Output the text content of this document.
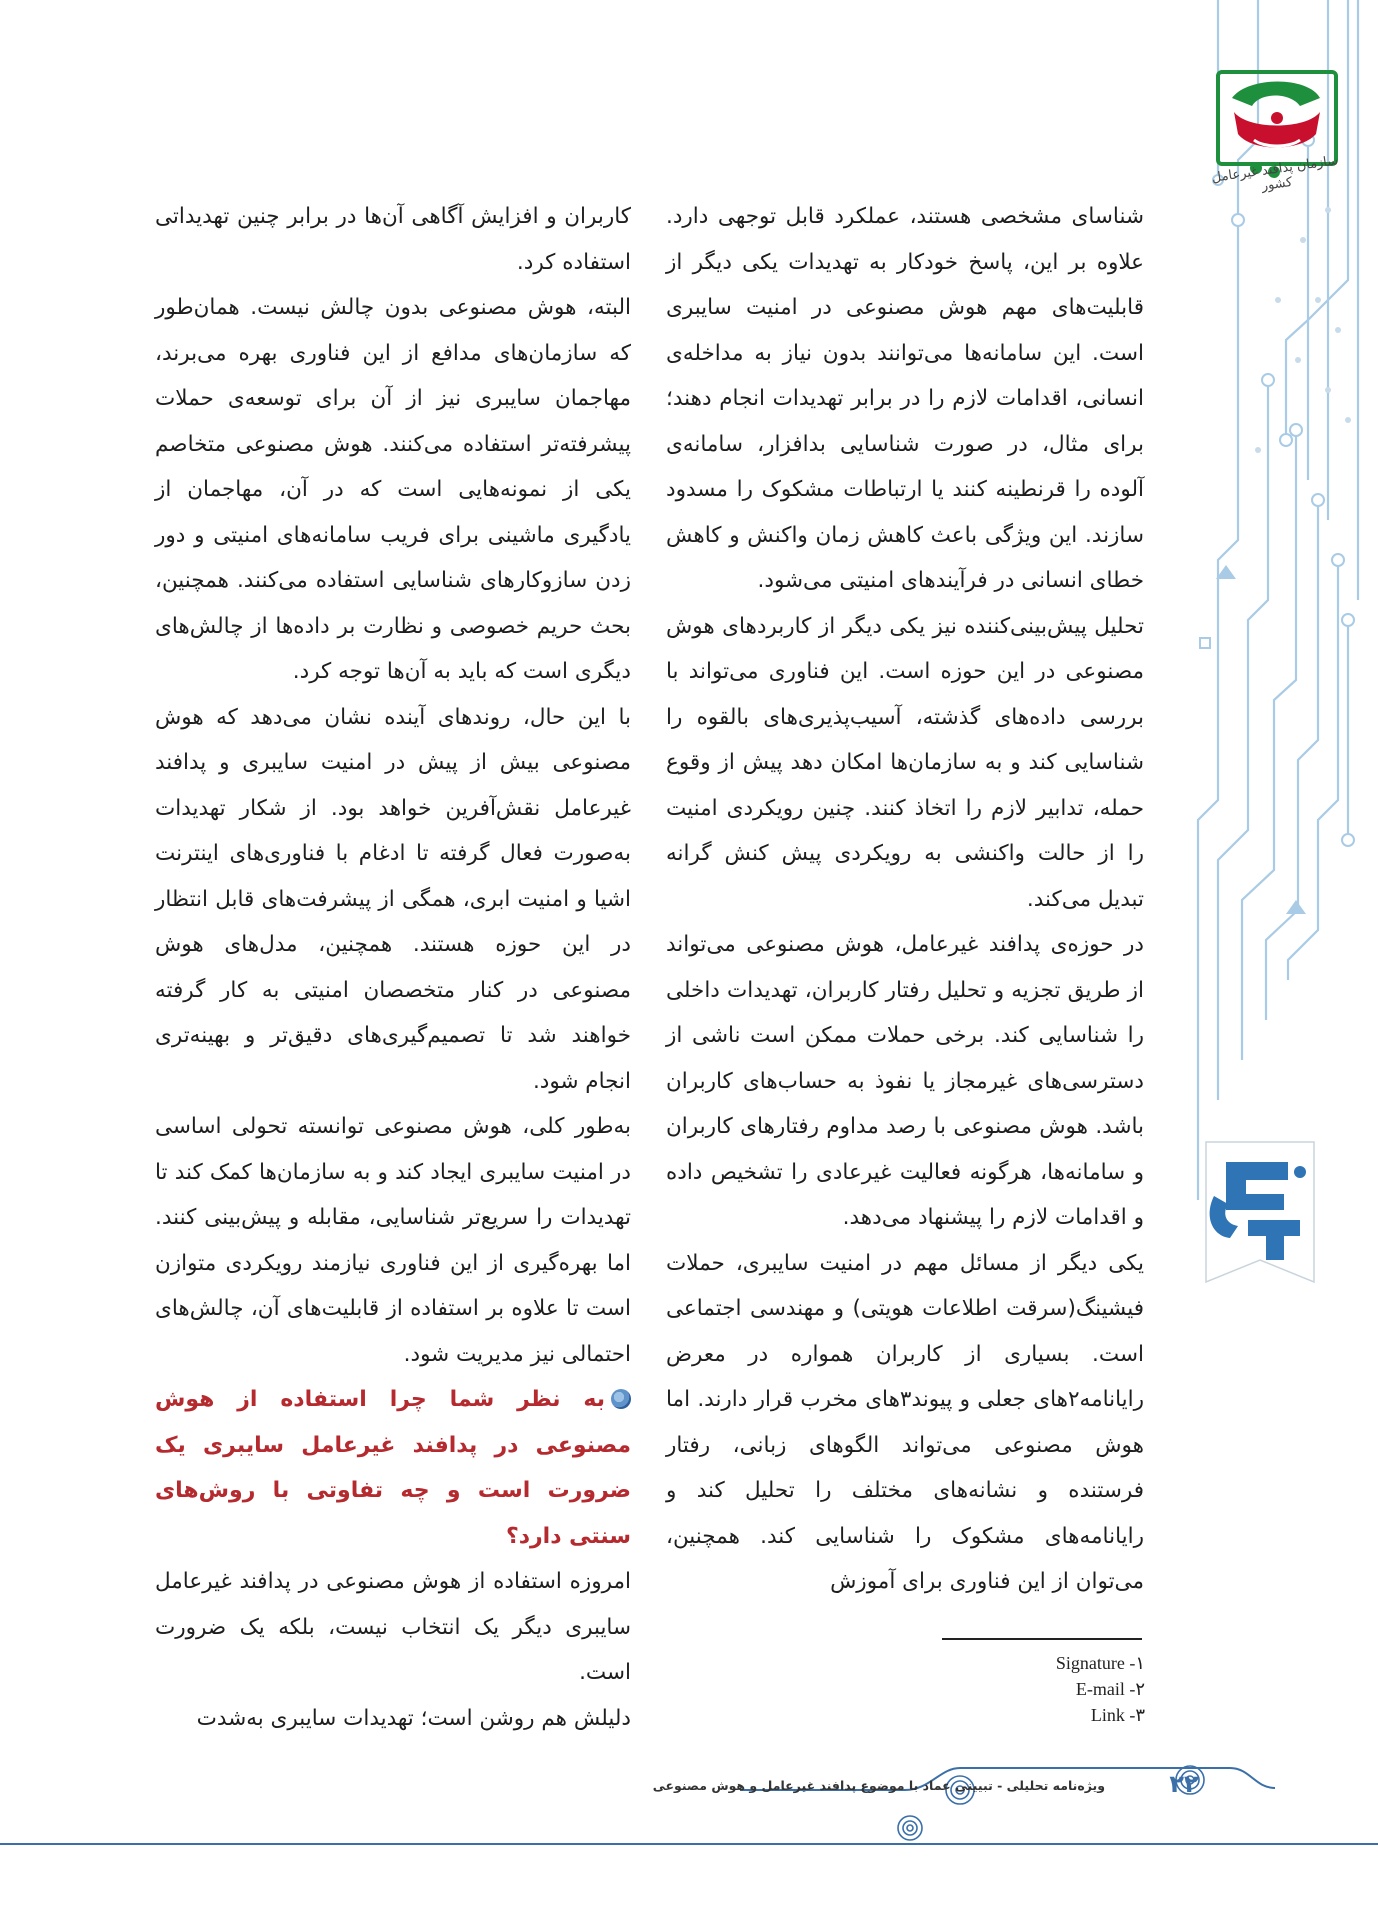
سازمان پدافند غیرعامل کشور

شناسای مشخصی هستند، عملکرد قابل توجهی دارد. علاوه بر این، پاسخ خودکار به تهدیدات یکی دیگر از قابلیت‌های مهم هوش مصنوعی در امنیت سایبری است. این سامانه‌ها می‌توانند بدون نیاز به مداخله‌ی انسانی، اقدامات لازم را در برابر تهدیدات انجام دهند؛ برای مثال، در صورت شناسایی بدافزار، سامانه‌ی آلوده را قرنطینه کنند یا ارتباطات مشکوک را مسدود سازند. این ویژگی باعث کاهش زمان واکنش و کاهش خطای انسانی در فرآیندهای امنیتی می‌شود.

تحلیل پیش‌بینی‌کننده نیز یکی دیگر از کاربردهای هوش مصنوعی در این حوزه است. این فناوری می‌تواند با بررسی داده‌های گذشته، آسیب‌پذیری‌های بالقوه را شناسایی کند و به سازمان‌ها امکان دهد پیش از وقوع حمله، تدابیر لازم را اتخاذ کنند. چنین رویکردی امنیت را از حالت واکنشی به رویکردی پیش کنش گرانه تبدیل می‌کند.

در حوزه‌ی پدافند غیرعامل، هوش مصنوعی می‌تواند از طریق تجزیه و تحلیل رفتار کاربران، تهدیدات داخلی را شناسایی کند. برخی حملات ممکن است ناشی از دسترسی‌های غیرمجاز یا نفوذ به حساب‌های کاربران باشد. هوش مصنوعی با رصد مداوم رفتارهای کاربران و سامانه‌ها، هرگونه فعالیت غیرعادی را تشخیص داده و اقدامات لازم را پیشنهاد می‌دهد.

یکی دیگر از مسائل مهم در امنیت سایبری، حملات فیشینگ(سرقت اطلاعات هویتی) و مهندسی اجتماعی است. بسیاری از کاربران همواره در معرض رایانامه۲های جعلی و پیوند۳های مخرب قرار دارند. اما هوش مصنوعی می‌تواند الگوهای زبانی، رفتار فرستنده و نشانه‌های مختلف را تحلیل کند و رایانامه‌های مشکوک را شناسایی کند. همچنین، می‌توان از این فناوری برای آموزش

کاربران و افزایش آگاهی آن‌ها در برابر چنین تهدیداتی استفاده کرد.

البته، هوش مصنوعی بدون چالش نیست. همان‌طور که سازمان‌های مدافع از این فناوری بهره می‌برند، مهاجمان سایبری نیز از آن برای توسعه‌ی حملات پیشرفته‌تر استفاده می‌کنند. هوش مصنوعی متخاصم یکی از نمونه‌هایی است که در آن، مهاجمان از یادگیری ماشینی برای فریب سامانه‌های امنیتی و دور زدن سازوکارهای شناسایی استفاده می‌کنند. همچنین، بحث حریم خصوصی و نظارت بر داده‌ها از چالش‌های دیگری است که باید به آن‌ها توجه کرد.

با این حال، روندهای آینده نشان می‌دهد که هوش مصنوعی بیش از پیش در امنیت سایبری و پدافند غیرعامل نقش‌آفرین خواهد بود. از شکار تهدیدات به‌صورت فعال گرفته تا ادغام با فناوری‌های اینترنت اشیا و امنیت ابری، همگی از پیشرفت‌های قابل انتظار در این حوزه هستند. همچنین، مدل‌های هوش مصنوعی در کنار متخصصان امنیتی به کار گرفته خواهند شد تا تصمیم‌گیری‌های دقیق‌تر و بهینه‌تری انجام شود.

به‌طور کلی، هوش مصنوعی توانسته تحولی اساسی در امنیت سایبری ایجاد کند و به سازمان‌ها کمک کند تا تهدیدات را سریع‌تر شناسایی، مقابله و پیش‌بینی کنند. اما بهره‌گیری از این فناوری نیازمند رویکردی متوازن است تا علاوه بر استفاده از قابلیت‌های آن، چالش‌های احتمالی نیز مدیریت شود.

به نظر شما چرا استفاده از هوش مصنوعی در پدافند غیرعامل سایبری یک ضرورت است و چه تفاوتی با روش‌های سنتی دارد؟

امروزه استفاده از هوش مصنوعی در پدافند غیرعامل سایبری دیگر یک انتخاب نیست، بلکه یک ضرورت است.

دلیلش هم روشن است؛ تهدیدات سایبری به‌شدت

Signature -۱
E-mail -۲
Link -۳
ویژه‌نامه تحلیلی - تبیینی عماد با موضوع پدافند غیرعامل و هوش مصنوعی	۲۲
